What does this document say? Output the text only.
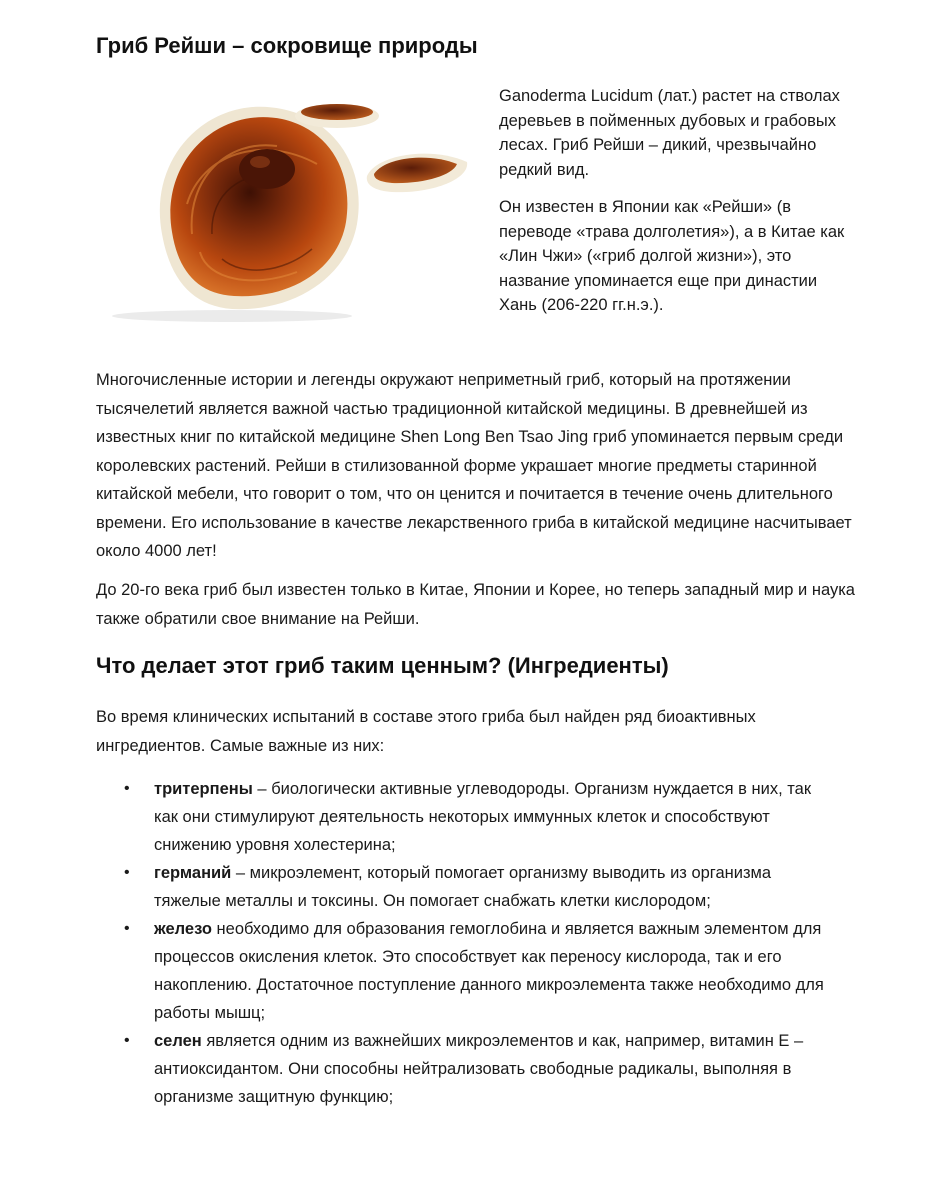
Гриб Рейши – сокровище природы

Ganoderma Lucidum (лат.) растет на стволах деревьев в пойменных дубовых и грабовых лесах. Гриб Рейши – дикий, чрезвычайно редкий вид.

Он известен в Японии как «Рейши» (в переводе «трава долголетия»), а в Китае как «Лин Чжи» («гриб долгой жизни»), это название упоминается еще при династии Хань (206-220 гг.н.э.).

Многочисленные истории и легенды окружают неприметный гриб, который на протяжении тысячелетий является важной частью традиционной китайской медицины. В древнейшей из известных книг по китайской медицине Shen Long Ben Tsao Jing гриб упоминается первым среди королевских растений. Рейши в стилизованной форме украшает многие предметы старинной китайской мебели, что говорит о том, что он ценится и почитается в течение очень длительного времени. Его использование в качестве лекарственного гриба в китайской медицине насчитывает около 4000 лет!

До 20-го века гриб был известен только в Китае, Японии и Корее, но теперь западный мир и наука также обратили свое внимание на Рейши.

Что делает этот гриб таким ценным? (Ингредиенты)

Во время клинических испытаний в составе этого гриба был найден ряд биоактивных ингредиентов. Самые важные из них:

• тритерпены – биологически активные углеводороды. Организм нуждается в них, так как они стимулируют деятельность некоторых иммунных клеток и способствуют снижению уровня холестерина;
• германий – микроэлемент, который помогает организму выводить из организма тяжелые металлы и токсины. Он помогает снабжать клетки кислородом;
• железо необходимо для образования гемоглобина и является важным элементом для процессов окисления клеток. Это способствует как переносу кислорода, так и его накоплению. Достаточное поступление данного микроэлемента также необходимо для работы мышц;
• селен является одним из важнейших микроэлементов и как, например, витамин Е – антиоксидантом. Они способны нейтрализовать свободные радикалы, выполняя в организме защитную функцию;
